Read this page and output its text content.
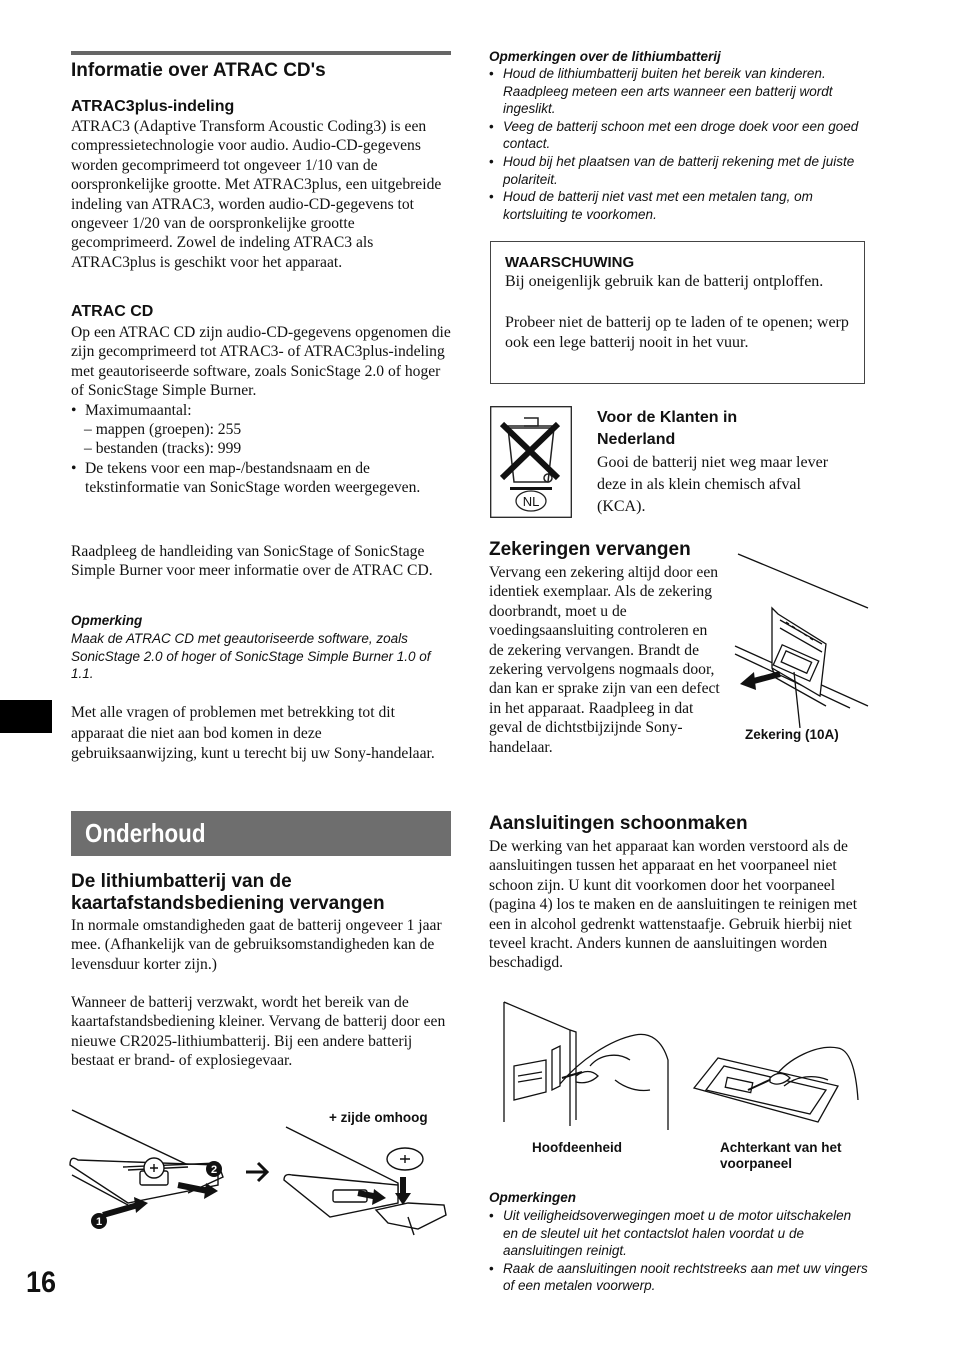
Informatie over ATRAC CD's
ATRAC3plus-indeling

ATRAC3 (Adaptive Transform Acoustic Coding3) is een compressietechnologie voor audio. Audio-CD-gegevens worden gecomprimeerd tot ongeveer 1/10 van de oorspronkelijke grootte. Met ATRAC3plus, een uitgebreide indeling van ATRAC3, worden audio-CD-gegevens tot ongeveer 1/20 van de oorspronkelijke grootte gecomprimeerd. Zowel de indeling ATRAC3 als ATRAC3plus is geschikt voor het apparaat.

ATRAC CD

Op een ATRAC CD zijn audio-CD-gegevens opgenomen die zijn gecomprimeerd tot ATRAC3- of ATRAC3plus-indeling met geautoriseerde software, zoals SonicStage 2.0 of hoger of SonicStage Simple Burner.

• Maximumaantal:
– mappen (groepen): 255
– bestanden (tracks): 999
• De tekens voor een map-/bestandsnaam en de tekstinformatie van SonicStage worden weergegeven.

Raadpleeg de handleiding van SonicStage of SonicStage Simple Burner voor meer informatie over de ATRAC CD.

Opmerking

Maak de ATRAC CD met geautoriseerde software, zoals SonicStage 2.0 of hoger of SonicStage Simple Burner 1.0 of 1.1.

Met alle vragen of problemen met betrekking tot dit apparaat die niet aan bod komen in deze gebruiksaanwijzing, kunt u terecht bij uw Sony-handelaar.

Onderhoud
De lithiumbatterij van de kaartafstandsbediening vervangen

In normale omstandigheden gaat de batterij ongeveer 1 jaar mee. (Afhankelijk van de gebruiksomstandigheden kan de levensduur korter zijn.)

Wanneer de batterij verzwakt, wordt het bereik van de kaartafstandsbediening kleiner. Vervang de batterij door een nieuwe CR2025-lithiumbatterij. Bij een andere batterij bestaat er brand- of explosiegevaar.

+ zijde omhoog
1
2
16
Opmerkingen over de lithiumbatterij
• Houd de lithiumbatterij buiten het bereik van kinderen. Raadpleeg meteen een arts wanneer een batterij wordt ingeslikt.
• Veeg de batterij schoon met een droge doek voor een goed contact.
• Houd bij het plaatsen van de batterij rekening met de juiste polariteit.
• Houd de batterij niet vast met een metalen tang, om kortsluiting te voorkomen.
WAARSCHUWING

Bij oneigenlijk gebruik kan de batterij ontploffen.

Probeer niet de batterij op te laden of te openen; werp ook een lege batterij nooit in het vuur.

NL
Voor de Klanten in Nederland

Gooi de batterij niet weg maar lever deze in als klein chemisch afval (KCA).

Zekeringen vervangen

Vervang een zekering altijd door een identiek exemplaar. Als de zekering doorbrandt, moet u de voedingsaansluiting controleren en de zekering vervangen. Brandt de zekering vervolgens nogmaals door, dan kan er sprake zijn van een defect in het apparaat. Raadpleeg in dat geval de dichtstbijzijnde Sony-handelaar.

Zekering (10A)
Aansluitingen schoonmaken

De werking van het apparaat kan worden verstoord als de aansluitingen tussen het apparaat en het voorpaneel niet schoon zijn. U kunt dit voorkomen door het voorpaneel (pagina 4) los te maken en de aansluitingen te reinigen met een in alcohol gedrenkt wattenstaafje. Gebruik hierbij niet teveel kracht. Anders kunnen de aansluitingen worden beschadigd.

Hoofdeenheid	Achterkant van het voorpaneel
Opmerkingen
• Uit veiligheidsoverwegingen moet u de motor uitschakelen en de sleutel uit het contactslot halen voordat u de aansluitingen reinigt.
• Raak de aansluitingen nooit rechtstreeks aan met uw vingers of een metalen voorwerp.
